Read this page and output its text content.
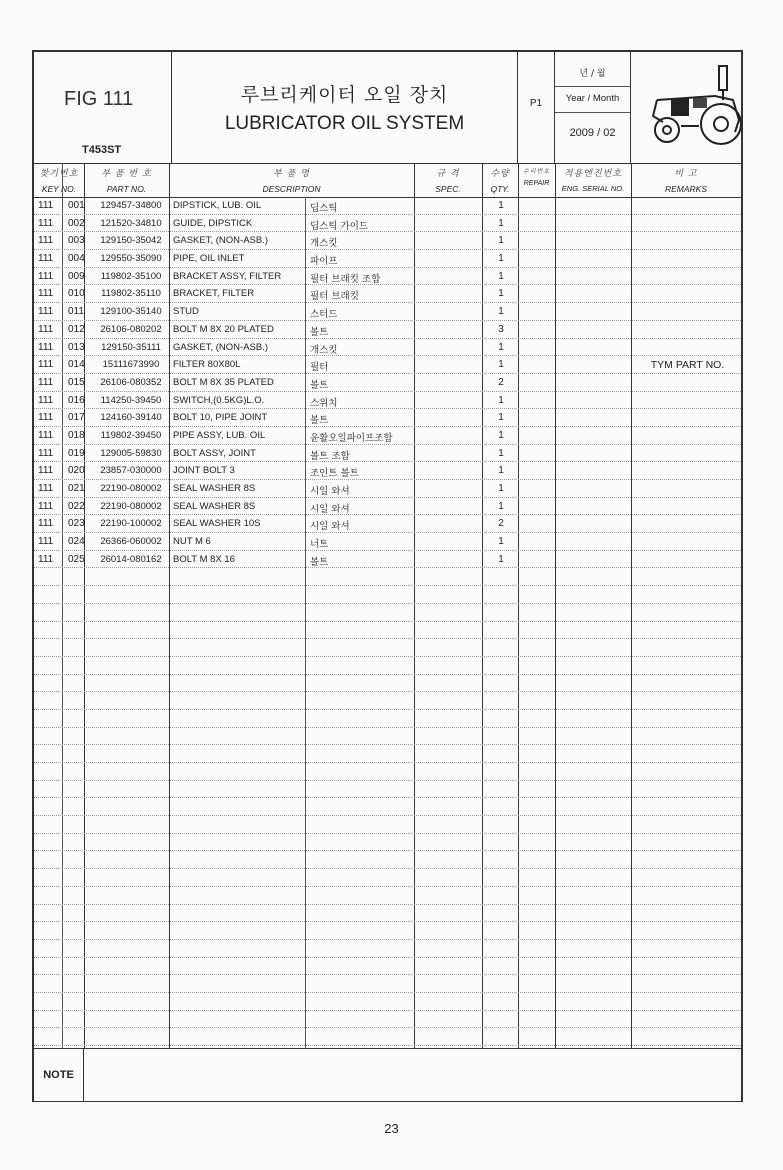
FIG 111
T453ST
루브리케이터 오일 장치
LUBRICATOR OIL SYSTEM
P1
년 / 월
Year / Month
2009 / 02
찾기번호
KEY NO.
부 품 번 호
PART NO.
부 품 명
DESCRIPTION
규 격
SPEC.
수량
QTY.
수리번호
REPAIR
적용엔진번호
ENG. SERIAL NO.
비 고
REMARKS
111 001 129457-34800 DIPSTICK, LUB. OIL	딥스틱	1
111 002 121520-34810 GUIDE, DIPSTICK	딥스틱 가이드	1
111 003 129150-35042 GASKET, (NON-ASB.)	개스킷	1
111 004 129550-35090 PIPE, OIL INLET	파이프	1
111 009 119802-35100 BRACKET ASSY, FILTER	필터 브래킷 조합	1
111 010 119802-35110 BRACKET, FILTER	필터 브래킷	1
111 011 129100-35140 STUD	스터드	1
111 012 26106-080202 BOLT M 8X 20 PLATED	볼트	3
111 013 129150-35111 GASKET, (NON-ASB.)	개스킷	1
111 014	15111673990	FILTER 80X80L	필터	1	TYM PART NO.
111 015 26106-080352 BOLT M 8X 35 PLATED	볼트	2
111 016 114250-39450 SWITCH,(0.5KG)L.O.	스위치	1
111 017 124160-39140 BOLT 10, PIPE JOINT	볼트	1
111 018 119802-39450 PIPE ASSY, LUB. OIL	윤활오일파이프조합	1
111 019 129005-59830 BOLT ASSY, JOINT	볼트 조합	1
111 020 23857-030000 JOINT BOLT 3	조인트 볼트	1
111 021 22190-080002 SEAL WASHER 8S	시일 와셔	1
111 022 22190-080002 SEAL WASHER 8S	시일 와셔	1
111 023 22190-100002 SEAL WASHER 10S	시일 와셔	2
111 024 26366-060002 NUT M 6	너트	1
111 025 26014-080162 BOLT M 8X 16	볼트	1
NOTE
23
